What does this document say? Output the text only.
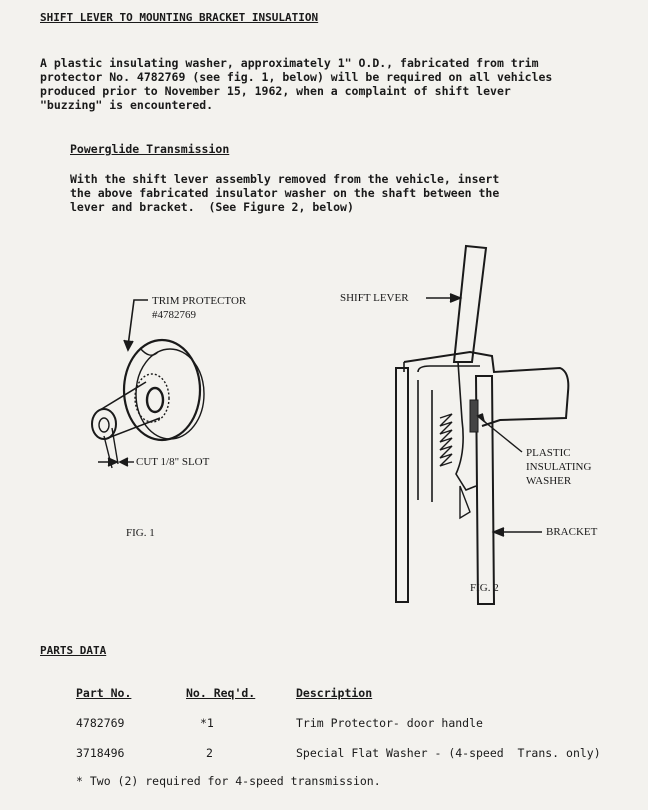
SHIFT LEVER TO MOUNTING BRACKET INSULATION
A plastic insulating washer, approximately 1" O.D., fabricated from trim
protector No. 4782769 (see fig. 1, below) will be required on all vehicles
produced prior to November 15, 1962, when a complaint of shift lever
"buzzing" is encountered.
Powerglide Transmission
With the shift lever assembly removed from the vehicle, insert
the above fabricated insulator washer on the shaft between the
lever and bracket.  (See Figure 2, below)
TRIM PROTECTOR
#4782769
CUT 1/8" SLOT
FIG. 1
SHIFT LEVER
PLASTIC
INSULATING
WASHER
BRACKET
FIG. 2
PARTS DATA
Part No.	No. Req'd.	Description
4782769	*1	Trim Protector- door handle
3718496	2	Special Flat Washer - (4-speed  Trans. only)
* Two (2) required for 4-speed transmission.
